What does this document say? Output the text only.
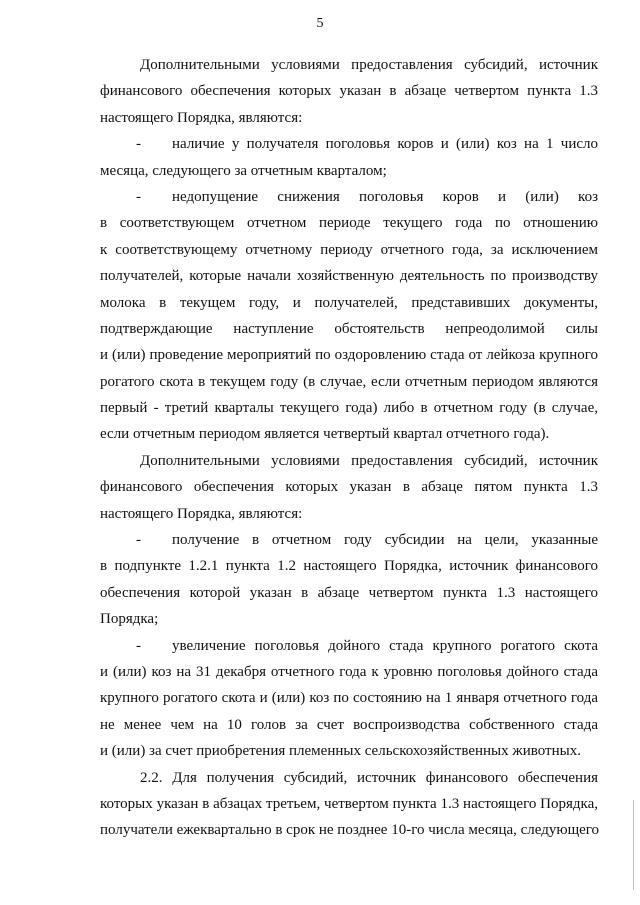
5
Дополнительными условиями предоставления субсидий, источник
финансового обеспечения которых указан в абзаце четвертом пункта 1.3
настоящего Порядка, являются:
- наличие у получателя поголовья коров и (или) коз на 1 число
месяца, следующего за отчетным кварталом;
- недопущение снижения поголовья коров и (или) коз
в соответствующем отчетном периоде текущего года по отношению
к соответствующему отчетному периоду отчетного года, за исключением
получателей, которые начали хозяйственную деятельность по производству
молока в текущем году, и получателей, представивших документы,
подтверждающие наступление обстоятельств непреодолимой силы
и (или) проведение мероприятий по оздоровлению стада от лейкоза крупного
рогатого скота в текущем году (в случае, если отчетным периодом являются
первый - третий кварталы текущего года) либо в отчетном году (в случае,
если отчетным периодом является четвертый квартал отчетного года).
Дополнительными условиями предоставления субсидий, источник
финансового обеспечения которых указан в абзаце пятом пункта 1.3
настоящего Порядка, являются:
- получение в отчетном году субсидии на цели, указанные
в подпункте 1.2.1 пункта 1.2 настоящего Порядка, источник финансового
обеспечения которой указан в абзаце четвертом пункта 1.3 настоящего
Порядка;
- увеличение поголовья дойного стада крупного рогатого скота
и (или) коз на 31 декабря отчетного года к уровню поголовья дойного стада
крупного рогатого скота и (или) коз по состоянию на 1 января отчетного года
не менее чем на 10 голов за счет воспроизводства собственного стада
и (или) за счет приобретения племенных сельскохозяйственных животных.
2.2. Для получения субсидий, источник финансового обеспечения
которых указан в абзацах третьем, четвертом пункта 1.3 настоящего Порядка,
получатели ежеквартально в срок не позднее 10-го числа месяца, следующего
